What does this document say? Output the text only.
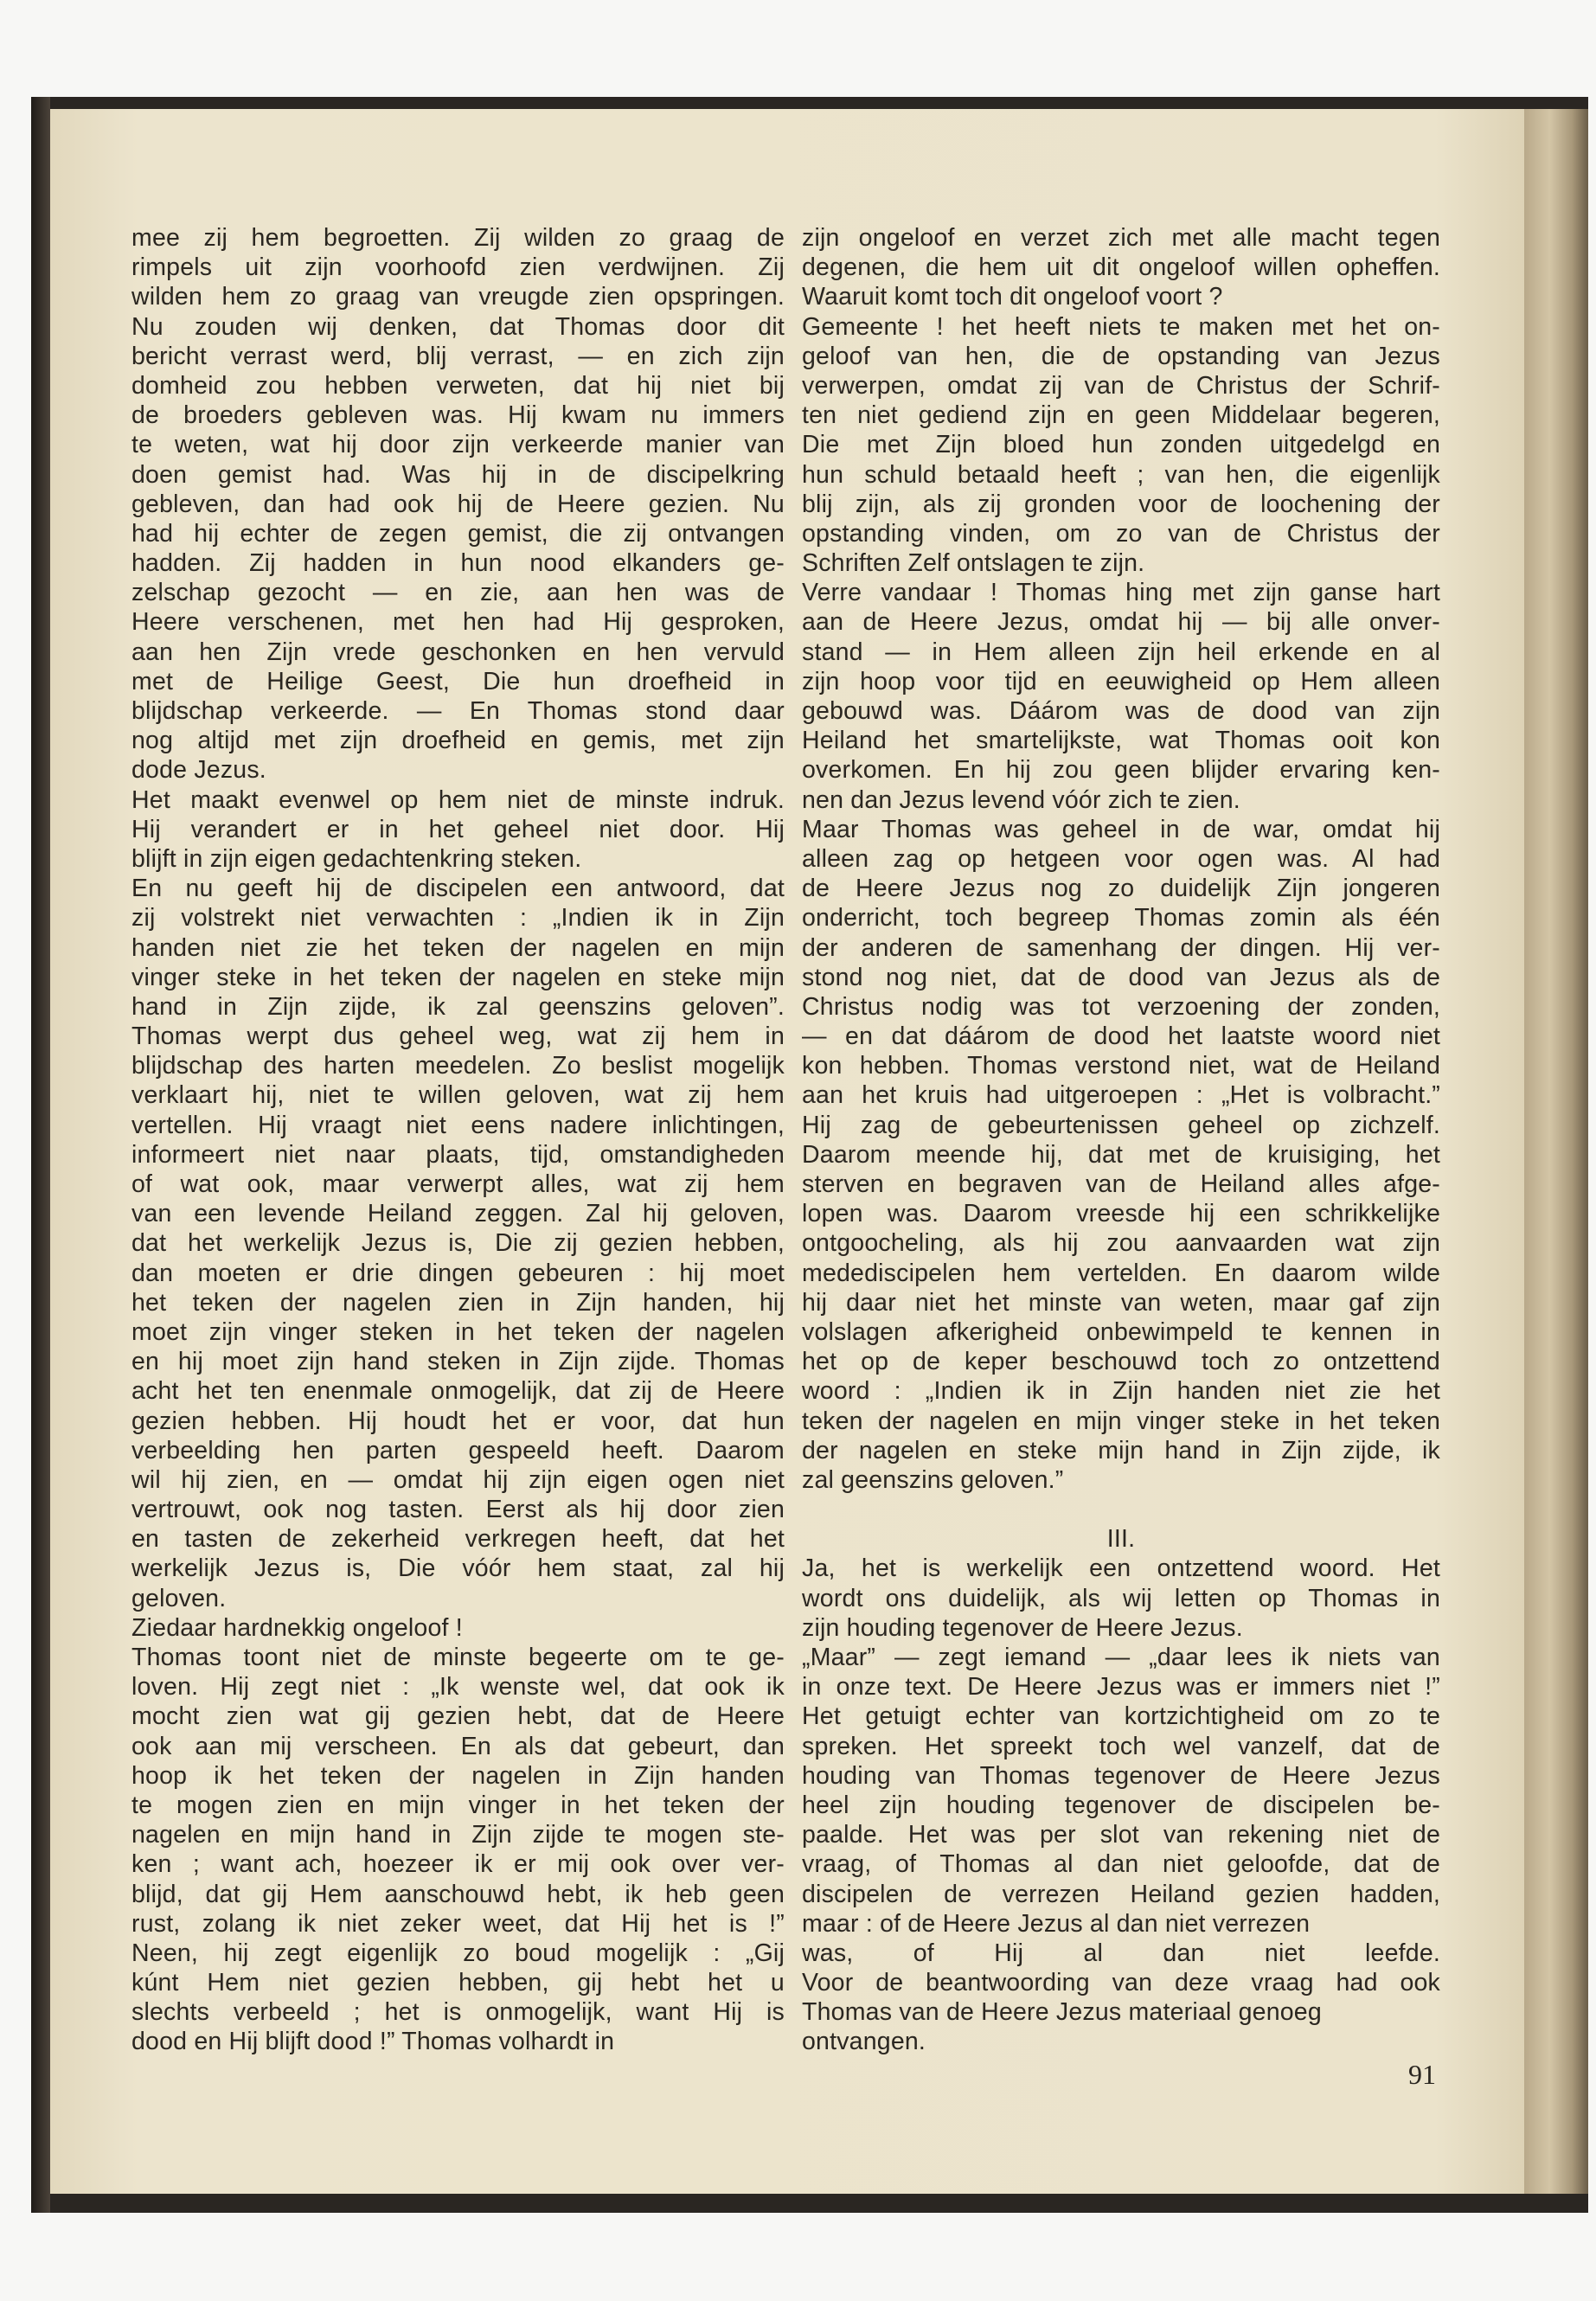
mee zij hem begroetten. Zij wilden zo graag de
rimpels uit zijn voorhoofd zien verdwijnen. Zij
wilden hem zo graag van vreugde zien opspringen.
Nu zouden wij denken, dat Thomas door dit
bericht verrast werd, blij verrast, — en zich zijn
domheid zou hebben verweten, dat hij niet bij
de broeders gebleven was. Hij kwam nu immers
te weten, wat hij door zijn verkeerde manier van
doen gemist had. Was hij in de discipelkring
gebleven, dan had ook hij de Heere gezien. Nu
had hij echter de zegen gemist, die zij ontvangen
hadden. Zij hadden in hun nood elkanders ge-
zelschap gezocht — en zie, aan hen was de
Heere verschenen, met hen had Hij gesproken,
aan hen Zijn vrede geschonken en hen vervuld
met de Heilige Geest, Die hun droefheid in
blijdschap verkeerde. — En Thomas stond daar
nog altijd met zijn droefheid en gemis, met zijn
dode Jezus.
Het maakt evenwel op hem niet de minste indruk.
Hij verandert er in het geheel niet door. Hij
blijft in zijn eigen gedachtenkring steken.
En nu geeft hij de discipelen een antwoord, dat
zij volstrekt niet verwachten : „Indien ik in Zijn
handen niet zie het teken der nagelen en mijn
vinger steke in het teken der nagelen en steke mijn
hand in Zijn zijde, ik zal geenszins geloven”.
Thomas werpt dus geheel weg, wat zij hem in
blijdschap des harten meedelen. Zo beslist mogelijk
verklaart hij, niet te willen geloven, wat zij hem
vertellen. Hij vraagt niet eens nadere inlichtingen,
informeert niet naar plaats, tijd, omstandigheden
of wat ook, maar verwerpt alles, wat zij hem
van een levende Heiland zeggen. Zal hij geloven,
dat het werkelijk Jezus is, Die zij gezien hebben,
dan moeten er drie dingen gebeuren : hij moet
het teken der nagelen zien in Zijn handen, hij
moet zijn vinger steken in het teken der nagelen
en hij moet zijn hand steken in Zijn zijde. Thomas
acht het ten enenmale onmogelijk, dat zij de Heere
gezien hebben. Hij houdt het er voor, dat hun
verbeelding hen parten gespeeld heeft. Daarom
wil hij zien, en — omdat hij zijn eigen ogen niet
vertrouwt, ook nog tasten. Eerst als hij door zien
en tasten de zekerheid verkregen heeft, dat het
werkelijk Jezus is, Die vóór hem staat, zal hij
geloven.
Ziedaar hardnekkig ongeloof !
Thomas toont niet de minste begeerte om te ge-
loven. Hij zegt niet : „Ik wenste wel, dat ook ik
mocht zien wat gij gezien hebt, dat de Heere
ook aan mij verscheen. En als dat gebeurt, dan
hoop ik het teken der nagelen in Zijn handen
te mogen zien en mijn vinger in het teken der
nagelen en mijn hand in Zijn zijde te mogen ste-
ken ; want ach, hoezeer ik er mij ook over ver-
blijd, dat gij Hem aanschouwd hebt, ik heb geen
rust, zolang ik niet zeker weet, dat Hij het is !”
Neen, hij zegt eigenlijk zo boud mogelijk : „Gij
kúnt Hem niet gezien hebben, gij hebt het u
slechts verbeeld ; het is onmogelijk, want Hij is
dood en Hij blijft dood !” Thomas volhardt in
zijn ongeloof en verzet zich met alle macht tegen
degenen, die hem uit dit ongeloof willen opheffen.
Waaruit komt toch dit ongeloof voort ?
Gemeente ! het heeft niets te maken met het on-
geloof van hen, die de opstanding van Jezus
verwerpen, omdat zij van de Christus der Schrif-
ten niet gediend zijn en geen Middelaar begeren,
Die met Zijn bloed hun zonden uitgedelgd en
hun schuld betaald heeft ; van hen, die eigenlijk
blij zijn, als zij gronden voor de loochening der
opstanding vinden, om zo van de Christus der
Schriften Zelf ontslagen te zijn.
Verre vandaar ! Thomas hing met zijn ganse hart
aan de Heere Jezus, omdat hij — bij alle onver-
stand — in Hem alleen zijn heil erkende en al
zijn hoop voor tijd en eeuwigheid op Hem alleen
gebouwd was. Dáárom was de dood van zijn
Heiland het smartelijkste, wat Thomas ooit kon
overkomen. En hij zou geen blijder ervaring ken-
nen dan Jezus levend vóór zich te zien.
Maar Thomas was geheel in de war, omdat hij
alleen zag op hetgeen voor ogen was. Al had
de Heere Jezus nog zo duidelijk Zijn jongeren
onderricht, toch begreep Thomas zomin als één
der anderen de samenhang der dingen. Hij ver-
stond nog niet, dat de dood van Jezus als de
Christus nodig was tot verzoening der zonden,
— en dat dáárom de dood het laatste woord niet
kon hebben. Thomas verstond niet, wat de Heiland
aan het kruis had uitgeroepen : „Het is volbracht.”
Hij zag de gebeurtenissen geheel op zichzelf.
Daarom meende hij, dat met de kruisiging, het
sterven en begraven van de Heiland alles afge-
lopen was. Daarom vreesde hij een schrikkelijke
ontgoocheling, als hij zou aanvaarden wat zijn
medediscipelen hem vertelden. En daarom wilde
hij daar niet het minste van weten, maar gaf zijn
volslagen afkerigheid onbewimpeld te kennen in
het op de keper beschouwd toch zo ontzettend
woord : „Indien ik in Zijn handen niet zie het
teken der nagelen en mijn vinger steke in het teken
der nagelen en steke mijn hand in Zijn zijde, ik
zal geenszins geloven.”
III.
Ja, het is werkelijk een ontzettend woord. Het
wordt ons duidelijk, als wij letten op Thomas in
zijn houding tegenover de Heere Jezus.
„Maar” — zegt iemand — „daar lees ik niets van
in onze text. De Heere Jezus was er immers niet !”
Het getuigt echter van kortzichtigheid om zo te
spreken. Het spreekt toch wel vanzelf, dat de
houding van Thomas tegenover de Heere Jezus
heel zijn houding tegenover de discipelen be-
paalde. Het was per slot van rekening niet de
vraag, of Thomas al dan niet geloofde, dat de
discipelen de verrezen Heiland gezien hadden,
maar : of de Heere Jezus al dan niet verrezen
was, of Hij al dan niet leefde.
Voor de beantwoording van deze vraag had ook
Thomas van de Heere Jezus materiaal genoeg
ontvangen.
91
